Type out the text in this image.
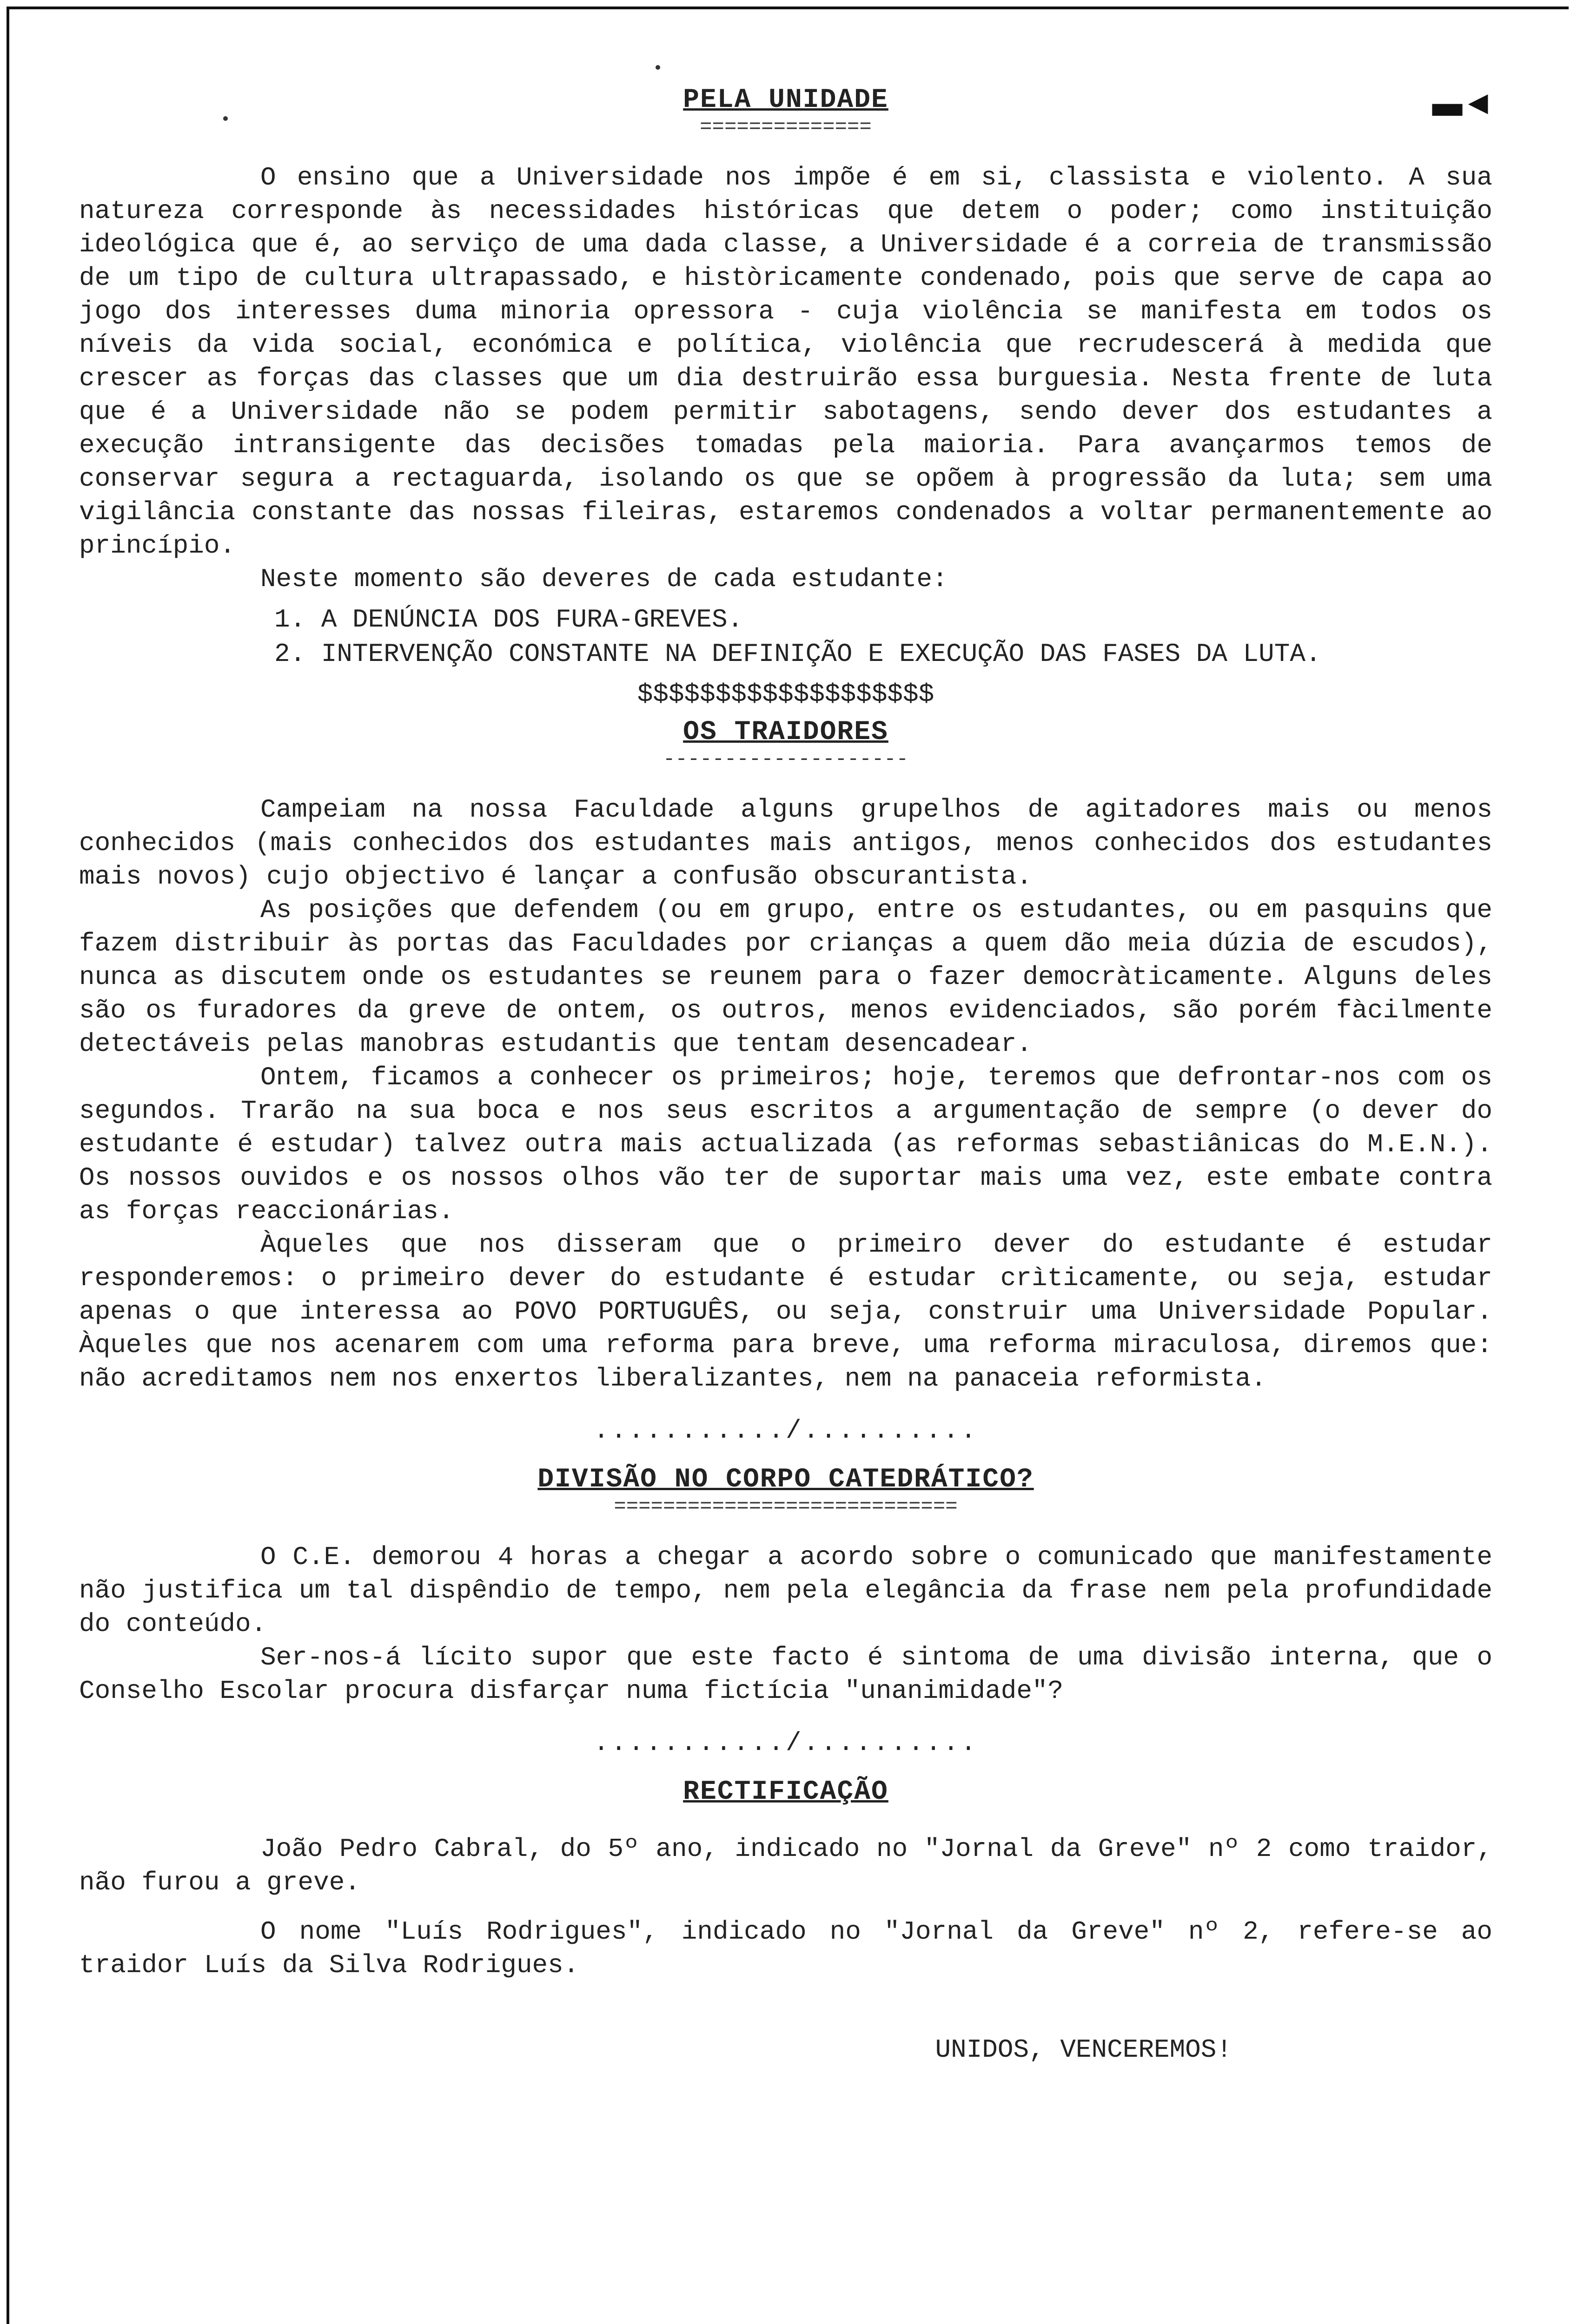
▬◂
PELA UNIDADE
==============

O ensino que a Universidade nos impõe é em si, classista e violento. A sua natureza corresponde às necessidades históricas que detem o poder; como instituição ideológica que é, ao serviço de uma dada classe, a Universidade é a correia de transmissão de um tipo de cultura ultrapassado, e històricamente condenado, pois que serve de capa ao jogo dos interesses duma minoria opressora - cuja violência se manifesta em todos os níveis da vida social, económica e política, violência que recrudescerá à medida que crescer as forças das classes que um dia destruirão essa burguesia. Nesta frente de luta que é a Universidade não se podem permitir sabotagens, sendo dever dos estudantes a execução intransigente das decisões tomadas pela maioria. Para avançarmos temos de conservar segura a rectaguarda, isolando os que se opõem à progressão da luta; sem uma vigilância constante das nossas fileiras, estaremos condenados a voltar permanentemente ao princípio.

Neste momento são deveres de cada estudante:

1. A DENÚNCIA DOS FURA-GREVES.
2. INTERVENÇÃO CONSTANTE NA DEFINIÇÃO E EXECUÇÃO DAS FASES DA LUTA.
$$$$$$$$$$$$$$$$$$$
OS TRAIDORES
--------------------

Campeiam na nossa Faculdade alguns grupelhos de agitadores mais ou menos conhecidos (mais conhecidos dos estudantes mais antigos, menos conhecidos dos estudantes mais novos) cujo objectivo é lançar a confusão obscurantista.

As posições que defendem (ou em grupo, entre os estudantes, ou em pasquins que fazem distribuir às portas das Faculdades por crianças a quem dão meia dúzia de escudos), nunca as discutem onde os estudantes se reunem para o fazer democràticamente. Alguns deles são os furadores da greve de ontem, os outros, menos evidenciados, são porém fàcilmente detectáveis pelas manobras estudantis que tentam desencadear.

Ontem, ficamos a conhecer os primeiros; hoje, teremos que defrontar-nos com os segundos. Trarão na sua boca e nos seus escritos a argumentação de sempre (o dever do estudante é estudar) talvez outra mais actualizada (as reformas sebastiânicas do M.E.N.). Os nossos ouvidos e os nossos olhos vão ter de suportar mais uma vez, este embate contra as forças reaccionárias.

Àqueles que nos disseram que o primeiro dever do estudante é estudar responderemos: o primeiro dever do estudante é estudar crìticamente, ou seja, estudar apenas o que interessa ao POVO PORTUGUÊS, ou seja, construir uma Universidade Popular. Àqueles que nos acenarem com uma reforma para breve, uma reforma miraculosa, diremos que: não acreditamos nem nos enxertos liberalizantes, nem na panaceia reformista.

.........../..........
DIVISÃO NO CORPO CATEDRÁTICO?
============================

O C.E. demorou 4 horas a chegar a acordo sobre o comunicado que manifestamente não justifica um tal dispêndio de tempo, nem pela elegância da frase nem pela profundidade do conteúdo.

Ser-nos-á lícito supor que este facto é sintoma de uma divisão interna, que o Conselho Escolar procura disfarçar numa fictícia "unanimidade"?

.........../..........
RECTIFICAÇÃO

João Pedro Cabral, do 5º ano, indicado no "Jornal da Greve" nº 2 como traidor, não furou a greve.

O nome "Luís Rodrigues", indicado no "Jornal da Greve" nº 2, refere-se ao traidor Luís da Silva Rodrigues.

UNIDOS, VENCEREMOS!
